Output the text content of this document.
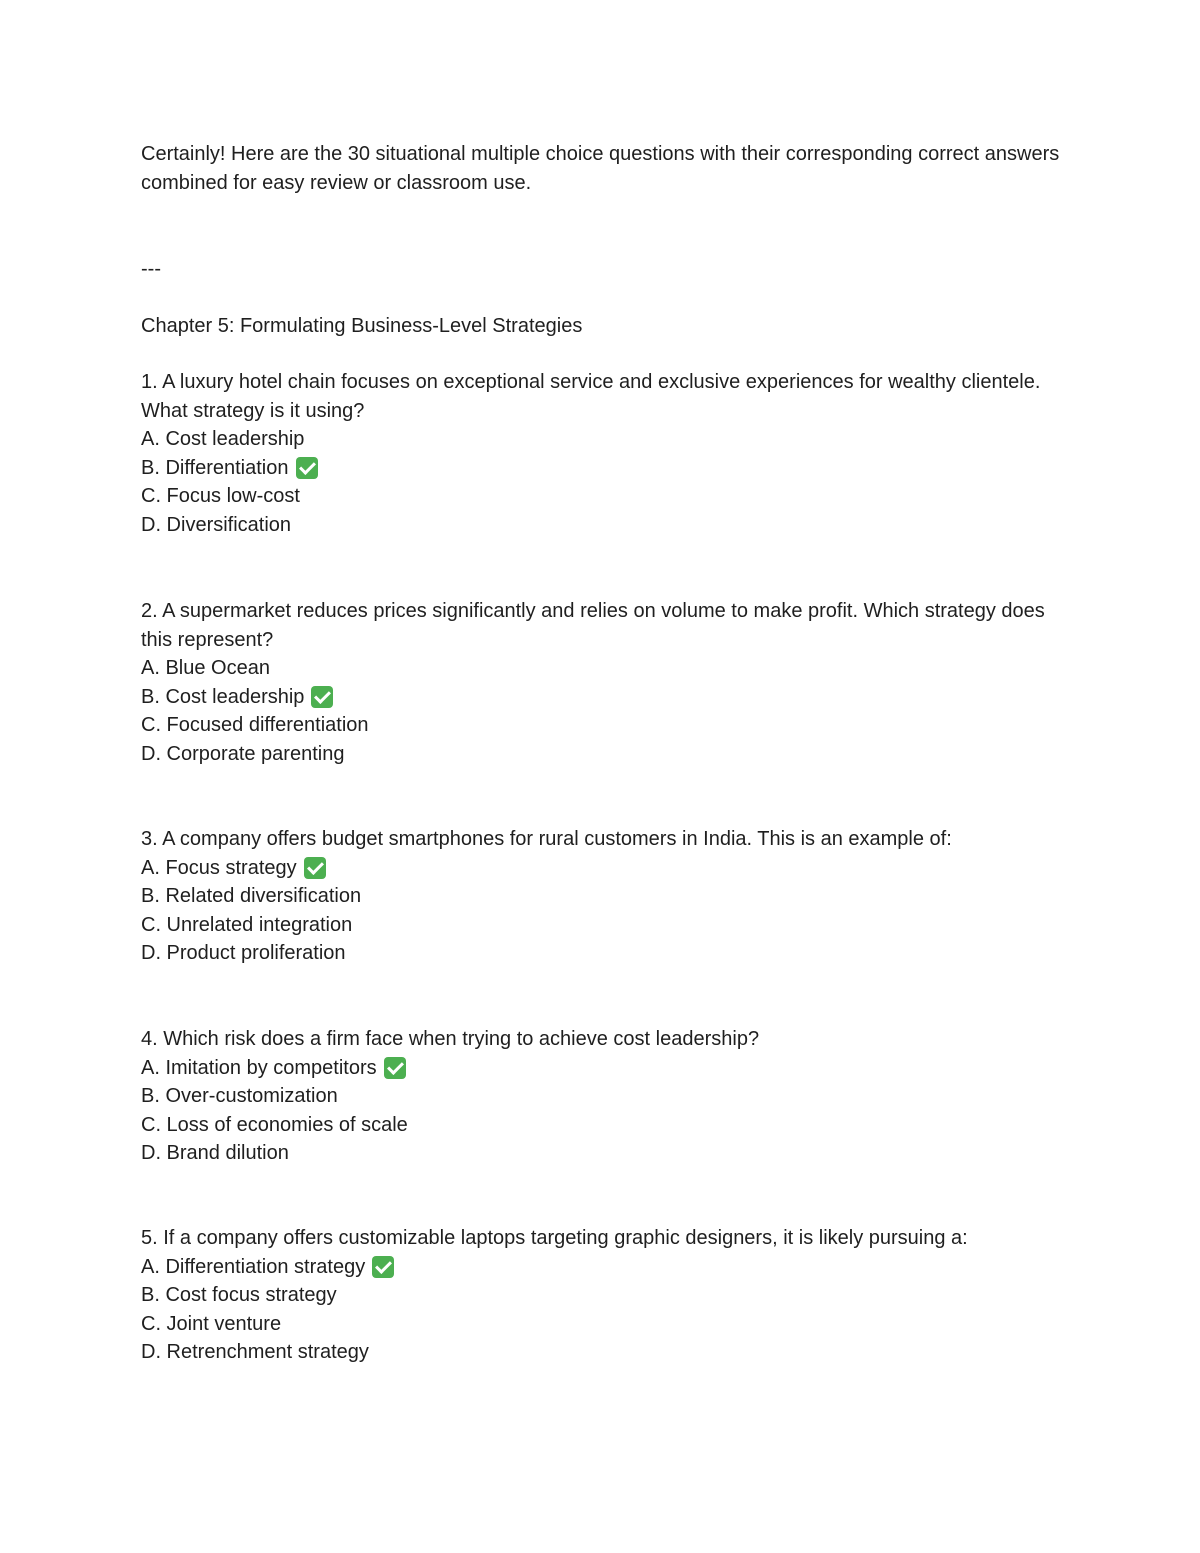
Certainly! Here are the 30 situational multiple choice questions with their corresponding correct answers combined for easy review or classroom use.

---

Chapter 5: Formulating Business-Level Strategies

1. A luxury hotel chain focuses on exceptional service and exclusive experiences for wealthy clientele. What strategy is it using?

A. Cost leadership

B. Differentiation

C. Focus low-cost

D. Diversification

2. A supermarket reduces prices significantly and relies on volume to make profit. Which strategy does this represent?

A. Blue Ocean

B. Cost leadership

C. Focused differentiation

D. Corporate parenting

3. A company offers budget smartphones for rural customers in India. This is an example of:

A. Focus strategy

B. Related diversification

C. Unrelated integration

D. Product proliferation

4. Which risk does a firm face when trying to achieve cost leadership?

A. Imitation by competitors

B. Over-customization

C. Loss of economies of scale

D. Brand dilution

5. If a company offers customizable laptops targeting graphic designers, it is likely pursuing a:

A. Differentiation strategy

B. Cost focus strategy

C. Joint venture

D. Retrenchment strategy
